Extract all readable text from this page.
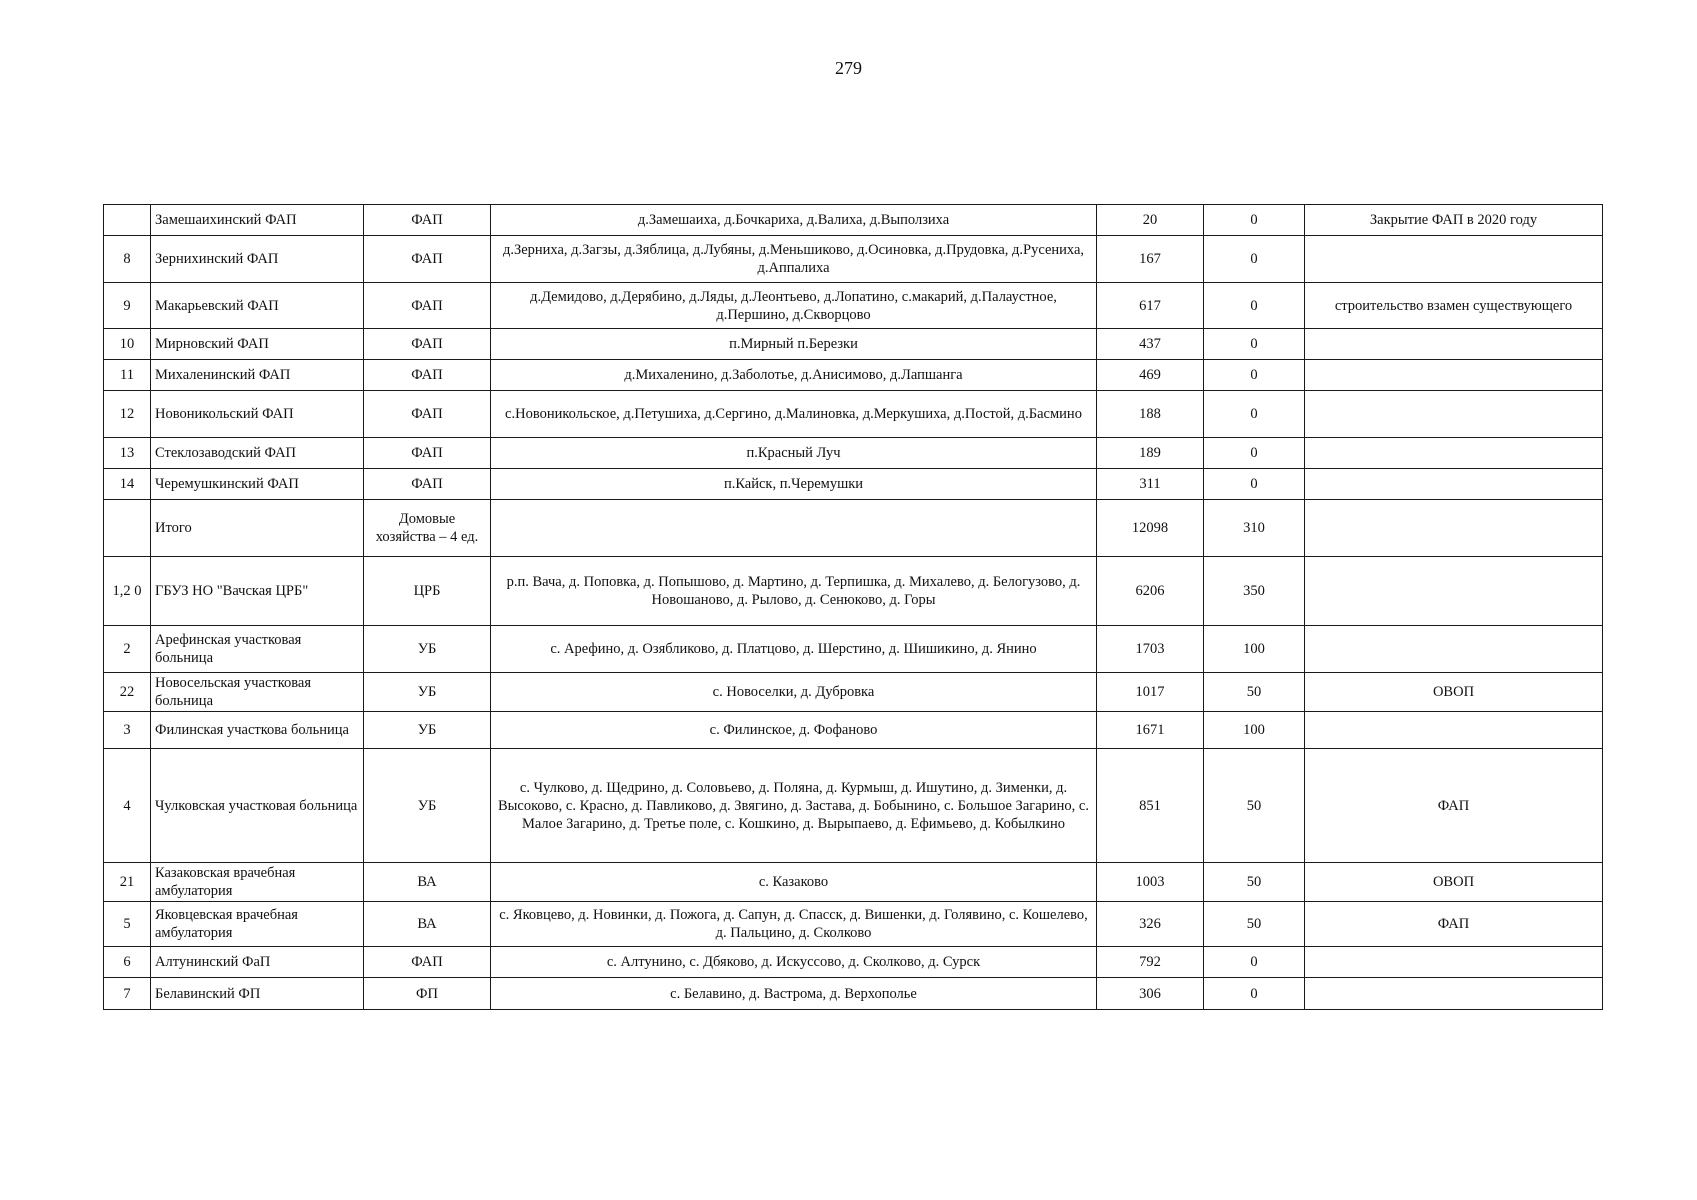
279
	Замешаихинский ФАП	ФАП	д.Замешаиха, д.Бочкариха, д.Валиха, д.Выползиха	20	0	Закрытие ФАП в 2020 году
8	Зернихинский ФАП	ФАП	д.Зерниха, д.Загзы, д.Зяблица, д.Лубяны, д.Меньшиково, д.Осиновка, д.Прудовка, д.Русениха, д.Аппалиха	167	0	
9	Макарьевский ФАП	ФАП	д.Демидово, д.Дерябино, д.Ляды, д.Леонтьево, д.Лопатино, с.макарий, д.Палаустное, д.Першино, д.Скворцово	617	0	строительство взамен существующего
10	Мирновский ФАП	ФАП	п.Мирный п.Березки	437	0	
11	Михаленинский ФАП	ФАП	д.Михаленино, д.Заболотье, д.Анисимово, д.Лапшанга	469	0	
12	Новоникольский ФАП	ФАП	с.Новоникольское, д.Петушиха, д.Сергино, д.Малиновка, д.Меркушиха, д.Постой, д.Басмино	188	0	
13	Стеклозаводский ФАП	ФАП	п.Красный Луч	189	0	
14	Черемушкинский ФАП	ФАП	п.Кайск, п.Черемушки	311	0	
	Итого	Домовые хозяйства – 4 ед.		12098	310	
1,2 0	ГБУЗ НО "Вачская ЦРБ"	ЦРБ	р.п. Вача, д. Поповка, д. Попышово, д. Мартино, д. Терпишка, д. Михалево, д. Белогузово, д. Новошаново, д. Рылово, д. Сенюково, д. Горы	6206	350	
2	Арефинская участковая больница	УБ	с. Арефино, д. Озябликово, д. Платцово, д. Шерстино, д. Шишикино, д. Янино	1703	100	
22	Новосельская участковая больница	УБ	с. Новоселки, д. Дубровка	1017	50	ОВОП
3	Филинская участкова больница	УБ	с. Филинское, д. Фофаново	1671	100	
4	Чулковская участковая больница	УБ	с. Чулково, д. Щедрино, д. Соловьево, д. Поляна, д. Курмыш, д. Ишутино, д. Зименки, д. Высоково, с. Красно, д. Павликово, д. Звягино, д. Застава, д. Бобынино, с. Большое Загарино, с. Малое Загарино, д. Третье поле, с. Кошкино, д. Вырыпаево, д. Ефимьево, д. Кобылкино	851	50	ФАП
21	Казаковская врачебная амбулатория	ВА	с. Казаково	1003	50	ОВОП
5	Яковцевская врачебная амбулатория	ВА	с. Яковцево, д. Новинки, д. Пожога, д. Сапун, д. Спасск, д. Вишенки, д. Голявино, с. Кошелево, д. Пальцино, д. Сколково	326	50	ФАП
6	Алтунинский ФаП	ФАП	с. Алтунино, с. Дбяково, д. Искуссово, д. Сколково, д. Сурск	792	0	
7	Белавинский ФП	ФП	с. Белавино, д. Вастрома, д. Верхополье	306	0	
